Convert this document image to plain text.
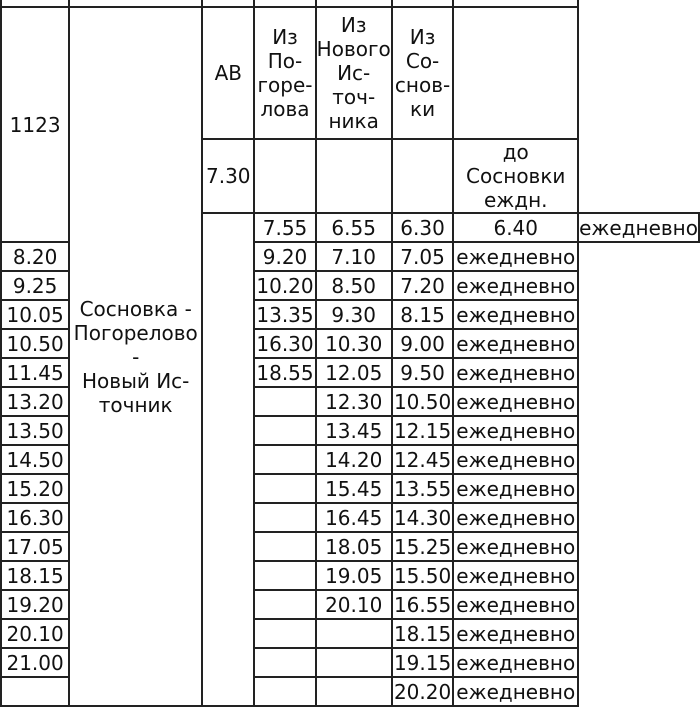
1123	Сосновка -
Погорелово -
Новый Ис-
точник	АВ	Из
По-
горе-
лова	Из
Нового
Ис-
точ-
ника	Из
Со-
снов-
ки		

		7.30				до Сосновки
еждн.	

			7.55	6.55	6.30	6.40	ежедневно
8.20			9.20	7.10	7.05	ежедневно	
9.25			10.20	8.50	7.20	ежедневно	
10.05			13.35	9.30	8.15	ежедневно	
10.50			16.30	10.30	9.00	ежедневно	
11.45			18.55	12.05	9.50	ежедневно	
13.20				12.30	10.50	ежедневно	
13.50				13.45	12.15	ежедневно	
14.50				14.20	12.45	ежедневно	
15.20				15.45	13.55	ежедневно	
16.30				16.45	14.30	ежедневно	
17.05				18.05	15.25	ежедневно	
18.15				19.05	15.50	ежедневно	
19.20				20.10	16.55	ежедневно	
20.10					18.15	ежедневно	
21.00					19.15	ежедневно	
					20.20	ежедневно	
